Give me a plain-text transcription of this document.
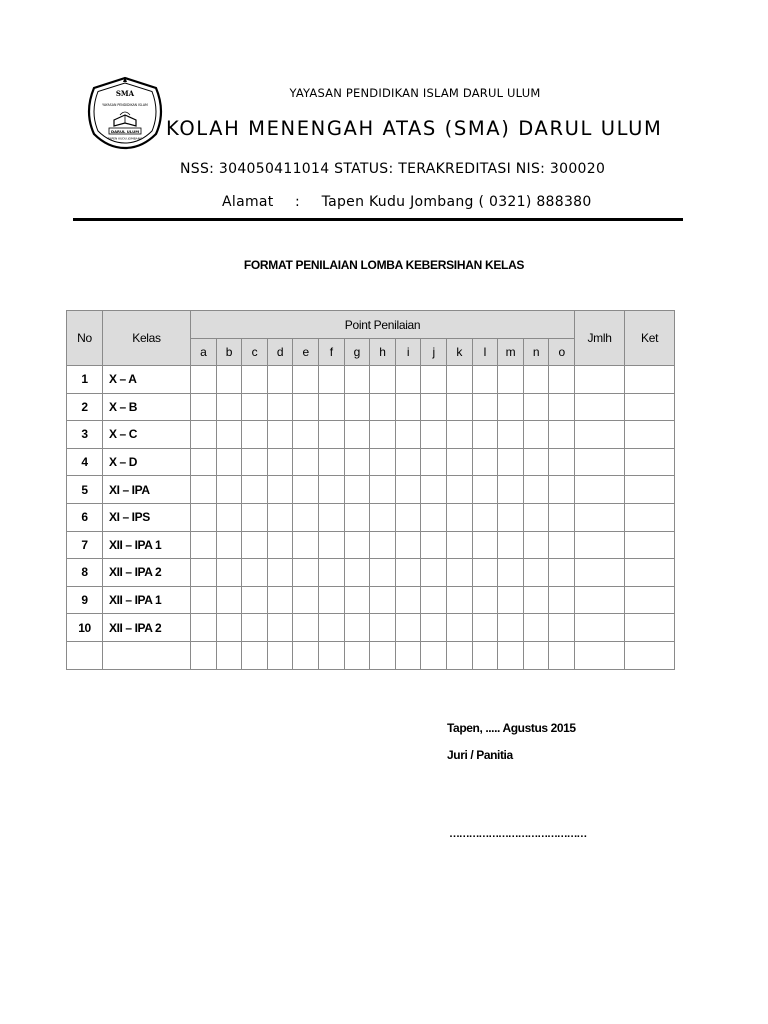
SMA
YAYASAN PENDIDIKAN ISLAM
DARUL ULUM
TAPEN KUDU JOMBANG
YAYASAN PENDIDIKAN ISLAM DARUL ULUM
KOLAH MENENGAH ATAS (SMA) DARUL ULUM
NSS: 304050411014 STATUS: TERAKREDITASI NIS: 300020
Alamat : Tapen Kudu Jombang ( 0321) 888380
FORMAT PENILAIAN LOMBA KEBERSIHAN KELAS
No	Kelas	Point Penilaian															Jmlh	Ket
		a	b	c	d	e	f	g	h	i	j	k	l	m	n	o		
1	X – A																	
2	X – B																	
3	X – C																	
4	X – D																	
5	XI – IPA																	
6	XI – IPS																	
7	XII – IPA 1																	
8	XII – IPA 2																	
9	XII – IPA 1																	
10	XII – IPA 2																	

Tapen, ..... Agustus 2015
Juri / Panitia
……………………………………
